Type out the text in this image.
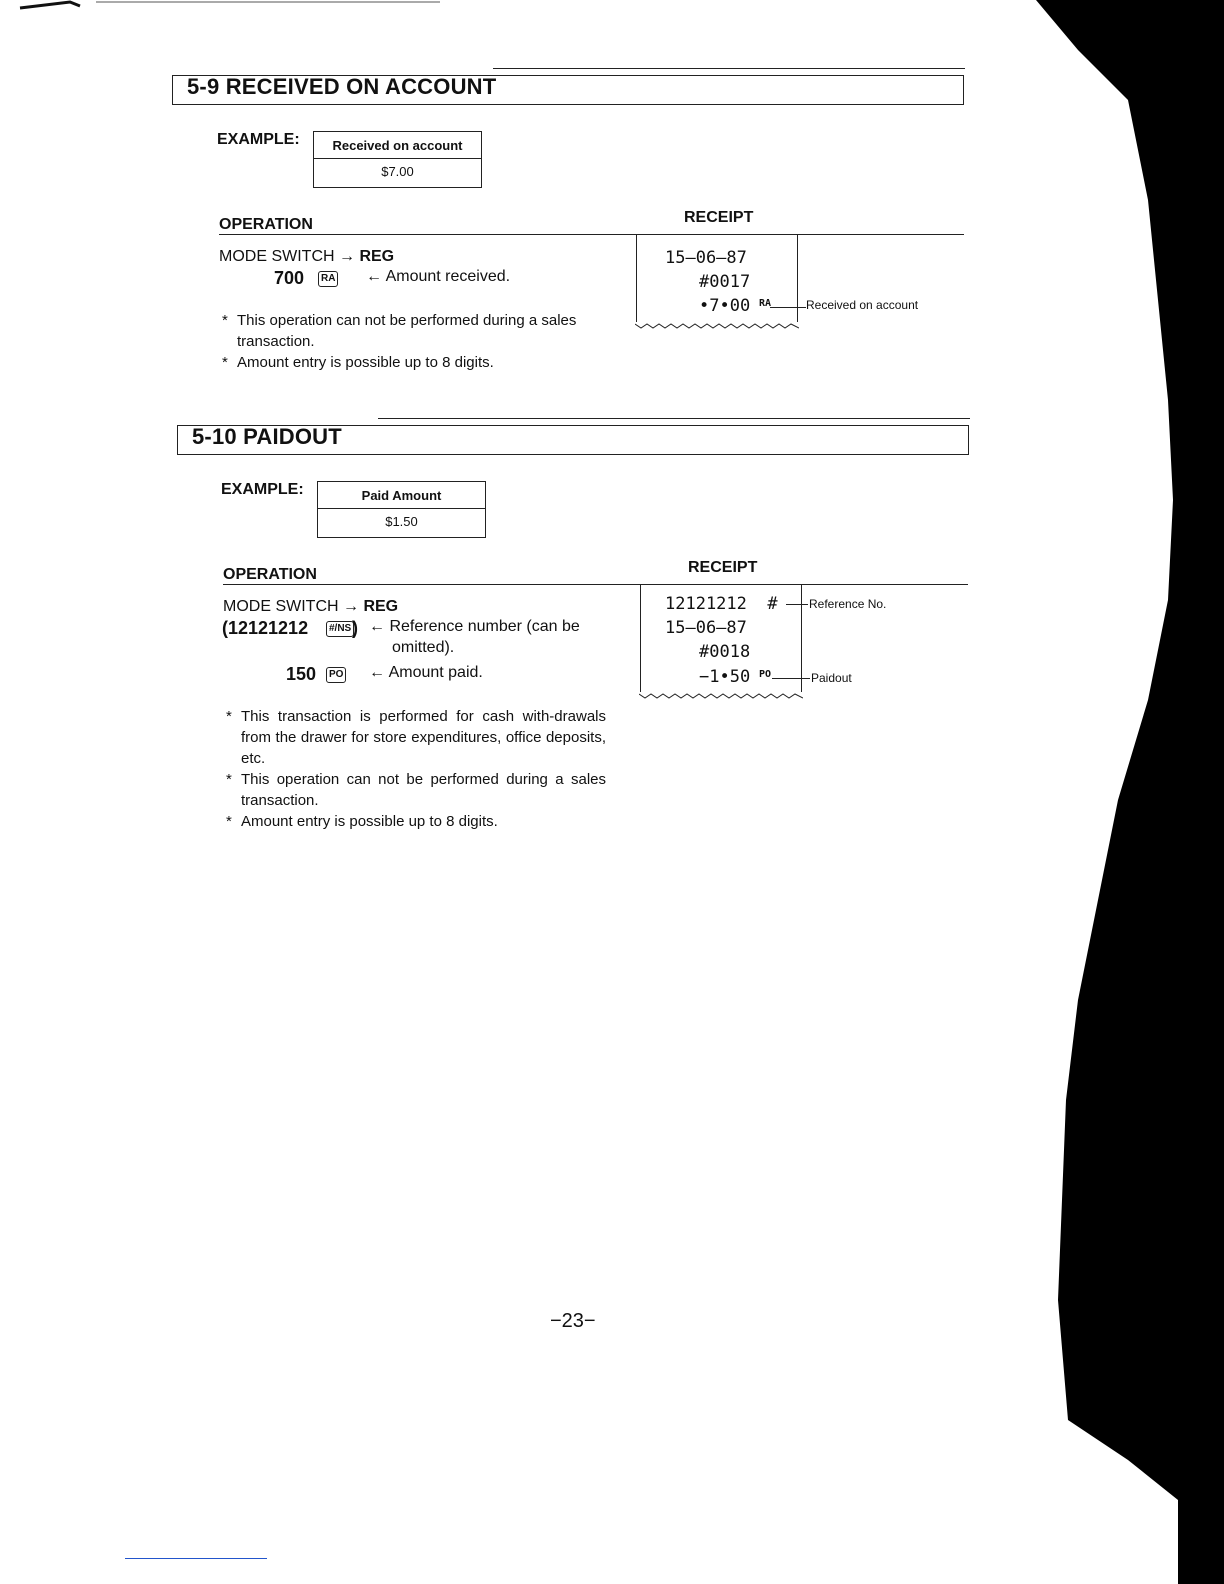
5-9 RECEIVED ON ACCOUNT
EXAMPLE:	Received on account
$7.00
OPERATION	RECEIPT
MODE SWITCH → REG
700	RA ← Amount received.
* This operation can not be performed during a sales transaction.
* Amount entry is possible up to 8 digits.
15–06–87
#0017
•7•00 RA	Received on account
5-10 PAIDOUT
EXAMPLE:	Paid Amount
$1.50
OPERATION	RECEIPT
MODE SWITCH → REG
(12121212	#/NS ) ← Reference number (can be
omitted).
150	PO ← Amount paid.
* This transaction is performed for cash with-drawals from the drawer for store expenditures, office deposits, etc.
* This operation can not be performed during a sales transaction.
* Amount entry is possible up to 8 digits.
12121212  #
15–06–87
#0018
−1•50 PO
Reference No.
Paidout
−23−
